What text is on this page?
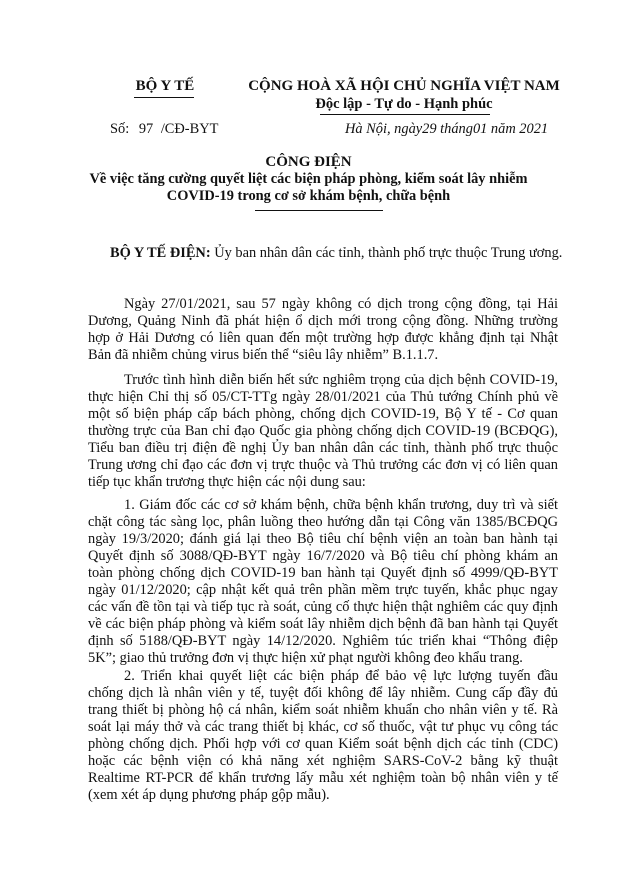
BỘ Y TẾ	CỘNG HOÀ XÃ HỘI CHỦ NGHĨA VIỆT NAM
Độc lập - Tự do - Hạnh phúc
Số: 97 /CĐ-BYT	Hà Nội, ngày29 tháng01 năm 2021
CÔNG ĐIỆN
Về việc tăng cường quyết liệt các biện pháp phòng, kiểm soát lây nhiễm
COVID-19 trong cơ sở khám bệnh, chữa bệnh
BỘ Y TẾ ĐIỆN: Ủy ban nhân dân các tỉnh, thành phố trực thuộc Trung ương.
Ngày 27/01/2021, sau 57 ngày không có dịch trong cộng đồng, tại Hải
Dương, Quảng Ninh đã phát hiện ổ dịch mới trong cộng đồng. Những trường
hợp ở Hải Dương có liên quan đến một trường hợp được khẳng định tại Nhật
Bản đã nhiễm chủng virus biến thể “siêu lây nhiễm” B.1.1.7.
Trước tình hình diễn biến hết sức nghiêm trọng của dịch bệnh COVID-19,
thực hiện Chỉ thị số 05/CT-TTg ngày 28/01/2021 của Thủ tướng Chính phủ về
một số biện pháp cấp bách phòng, chống dịch COVID-19, Bộ Y tế - Cơ quan
thường trực của Ban chỉ đạo Quốc gia phòng chống dịch COVID-19 (BCĐQG),
Tiểu ban điều trị điện đề nghị Ủy ban nhân dân các tỉnh, thành phố trực thuộc
Trung ương chỉ đạo các đơn vị trực thuộc và Thủ trưởng các đơn vị có liên quan
tiếp tục khẩn trương thực hiện các nội dung sau:
1. Giám đốc các cơ sở khám bệnh, chữa bệnh khẩn trương, duy trì và siết
chặt công tác sàng lọc, phân luồng theo hướng dẫn tại Công văn 1385/BCĐQG
ngày 19/3/2020; đánh giá lại theo Bộ tiêu chí bệnh viện an toàn ban hành tại
Quyết định số 3088/QĐ-BYT ngày 16/7/2020 và Bộ tiêu chí phòng khám an
toàn phòng chống dịch COVID-19 ban hành tại Quyết định số 4999/QĐ-BYT
ngày 01/12/2020; cập nhật kết quả trên phần mềm trực tuyến, khắc phục ngay
các vấn đề tồn tại và tiếp tục rà soát, củng cố thực hiện thật nghiêm các quy định
về các biện pháp phòng và kiểm soát lây nhiễm dịch bệnh đã ban hành tại Quyết
định số 5188/QĐ-BYT ngày 14/12/2020. Nghiêm túc triển khai “Thông điệp
5K”; giao thủ trưởng đơn vị thực hiện xử phạt người không đeo khẩu trang.
2. Triển khai quyết liệt các biện pháp để bảo vệ lực lượng tuyến đầu
chống dịch là nhân viên y tế, tuyệt đối không để lây nhiễm. Cung cấp đầy đủ
trang thiết bị phòng hộ cá nhân, kiểm soát nhiễm khuẩn cho nhân viên y tế. Rà
soát lại máy thở và các trang thiết bị khác, cơ số thuốc, vật tư phục vụ công tác
phòng chống dịch. Phối hợp với cơ quan Kiểm soát bệnh dịch các tỉnh (CDC)
hoặc các bệnh viện có khả năng xét nghiệm SARS-CoV-2 bằng kỹ thuật
Realtime RT-PCR để khẩn trương lấy mẫu xét nghiệm toàn bộ nhân viên y tế
(xem xét áp dụng phương pháp gộp mẫu).
